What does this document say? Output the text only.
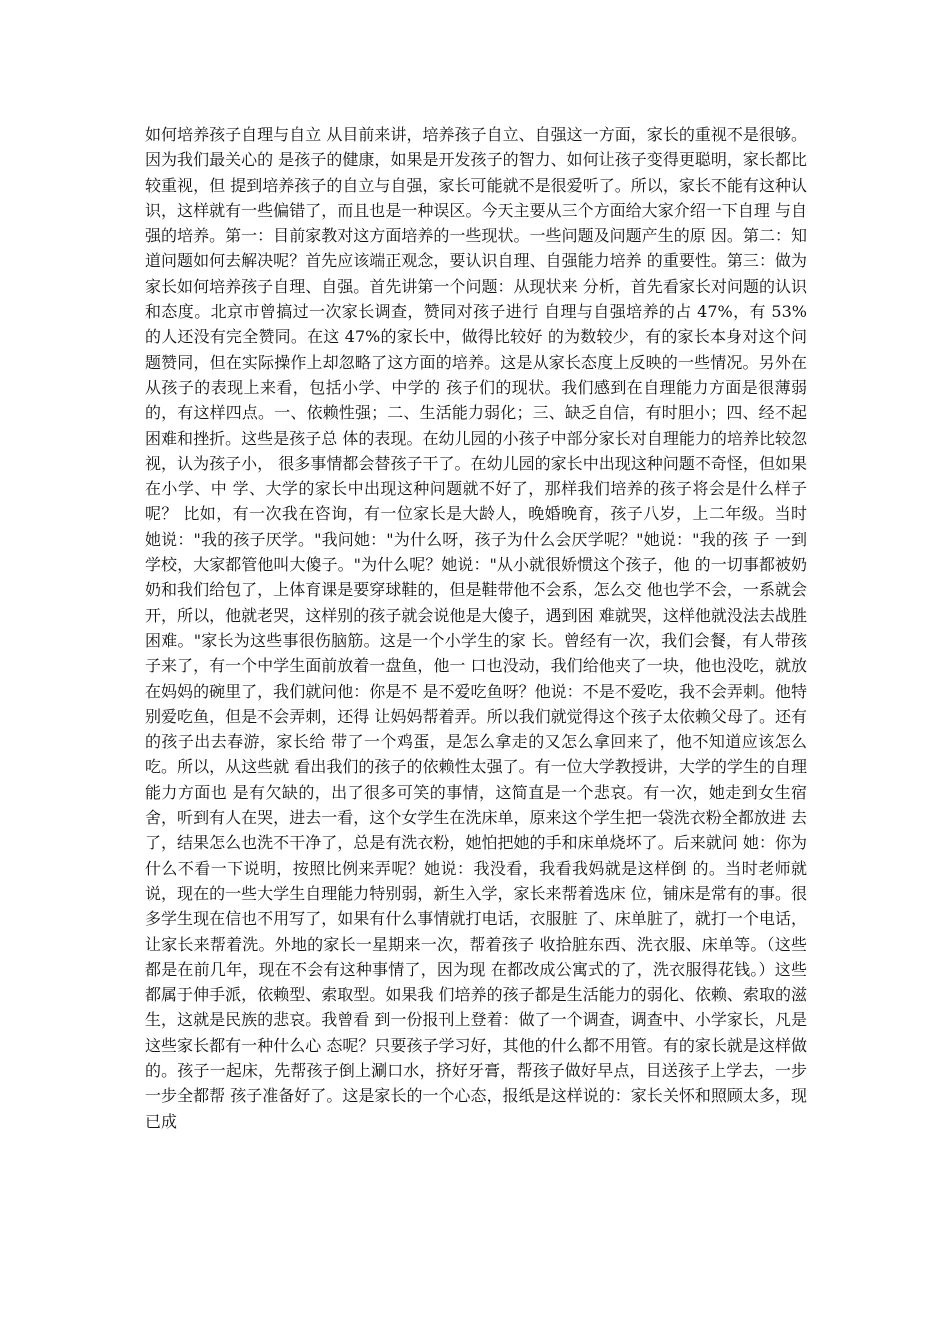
如何培养孩子自理与自立 从目前来讲，培养孩子自立、自强这一方面，家长的重视不是很够。因为我们最关心的 是孩子的健康，如果是开发孩子的智力、如何让孩子变得更聪明，家长都比较重视，但 提到培养孩子的自立与自强，家长可能就不是很爱听了。所以，家长不能有这种认识，这样就有一些偏错了，而且也是一种误区。今天主要从三个方面给大家介绍一下自理 与自强的培养。第一：目前家教对这方面培养的一些现状。一些问题及问题产生的原 因。第二：知道问题如何去解决呢？首先应该端正观念，要认识自理、自强能力培养 的重要性。第三：做为家长如何培养孩子自理、自强。首先讲第一个问题：从现状来 分析，首先看家长对问题的认识和态度。北京市曾搞过一次家长调查，赞同对孩子进行 自理与自强培养的占 47%，有 53%的人还没有完全赞同。在这 47%的家长中，做得比较好 的为数较少，有的家长本身对这个问题赞同，但在实际操作上却忽略了这方面的培养。这是从家长态度上反映的一些情况。另外在从孩子的表现上来看，包括小学、中学的 孩子们的现状。我们感到在自理能力方面是很薄弱的，有这样四点。一、依赖性强；二、生活能力弱化；三、缺乏自信，有时胆小；四、经不起困难和挫折。这些是孩子总 体的表现。在幼儿园的小孩子中部分家长对自理能力的培养比较忽视，认为孩子小， 很多事情都会替孩子干了。在幼儿园的家长中出现这种问题不奇怪，但如果在小学、中 学、大学的家长中出现这种问题就不好了，那样我们培养的孩子将会是什么样子呢？ 比如，有一次我在咨询，有一位家长是大龄人，晚婚晚育，孩子八岁，上二年级。当时 她说："我的孩子厌学。"我问她："为什么呀，孩子为什么会厌学呢？"她说："我的孩 子 一到学校，大家都管他叫大傻子。"为什么呢？她说："从小就很娇惯这个孩子，他 的一切事都被奶奶和我们给包了，上体育课是要穿球鞋的，但是鞋带他不会系，怎么交 他也学不会，一系就会开，所以，他就老哭，这样别的孩子就会说他是大傻子，遇到困 难就哭，这样他就没法去战胜困难。"家长为这些事很伤脑筋。这是一个小学生的家 长。曾经有一次，我们会餐，有人带孩子来了，有一个中学生面前放着一盘鱼，他一 口也没动，我们给他夹了一块，他也没吃，就放在妈妈的碗里了，我们就问他：你是不 是不爱吃鱼呀？他说：不是不爱吃，我不会弄刺。他特别爱吃鱼，但是不会弄刺，还得 让妈妈帮着弄。所以我们就觉得这个孩子太依赖父母了。还有的孩子出去春游，家长给 带了一个鸡蛋，是怎么拿走的又怎么拿回来了，他不知道应该怎么吃。所以，从这些就 看出我们的孩子的依赖性太强了。有一位大学教授讲，大学的学生的自理能力方面也 是有欠缺的，出了很多可笑的事情，这简直是一个悲哀。有一次，她走到女生宿舍，听到有人在哭，进去一看，这个女学生在洗床单，原来这个学生把一袋洗衣粉全都放进 去了，结果怎么也洗不干净了，总是有洗衣粉，她怕把她的手和床单烧坏了。后来就问 她：你为什么不看一下说明，按照比例来弄呢？她说：我没看，我看我妈就是这样倒 的。当时老师就说，现在的一些大学生自理能力特别弱，新生入学，家长来帮着选床 位，铺床是常有的事。很多学生现在信也不用写了，如果有什么事情就打电话，衣服脏 了、床单脏了，就打一个电话，让家长来帮着洗。外地的家长一星期来一次，帮着孩子 收拾脏东西、洗衣服、床单等。（这些都是在前几年，现在不会有这种事情了，因为现 在都改成公寓式的了，洗衣服得花钱。）这些都属于伸手派，依赖型、索取型。如果我 们培养的孩子都是生活能力的弱化、依赖、索取的滋生，这就是民族的悲哀。我曾看 到一份报刊上登着：做了一个调查，调查中、小学家长，凡是这些家长都有一种什么心 态呢？只要孩子学习好，其他的什么都不用管。有的家长就是这样做的。孩子一起床，先帮孩子倒上涮口水，挤好牙膏，帮孩子做好早点，目送孩子上学去，一步一步全都帮 孩子准备好了。这是家长的一个心态，报纸是这样说的：家长关怀和照顾太多，现已成
